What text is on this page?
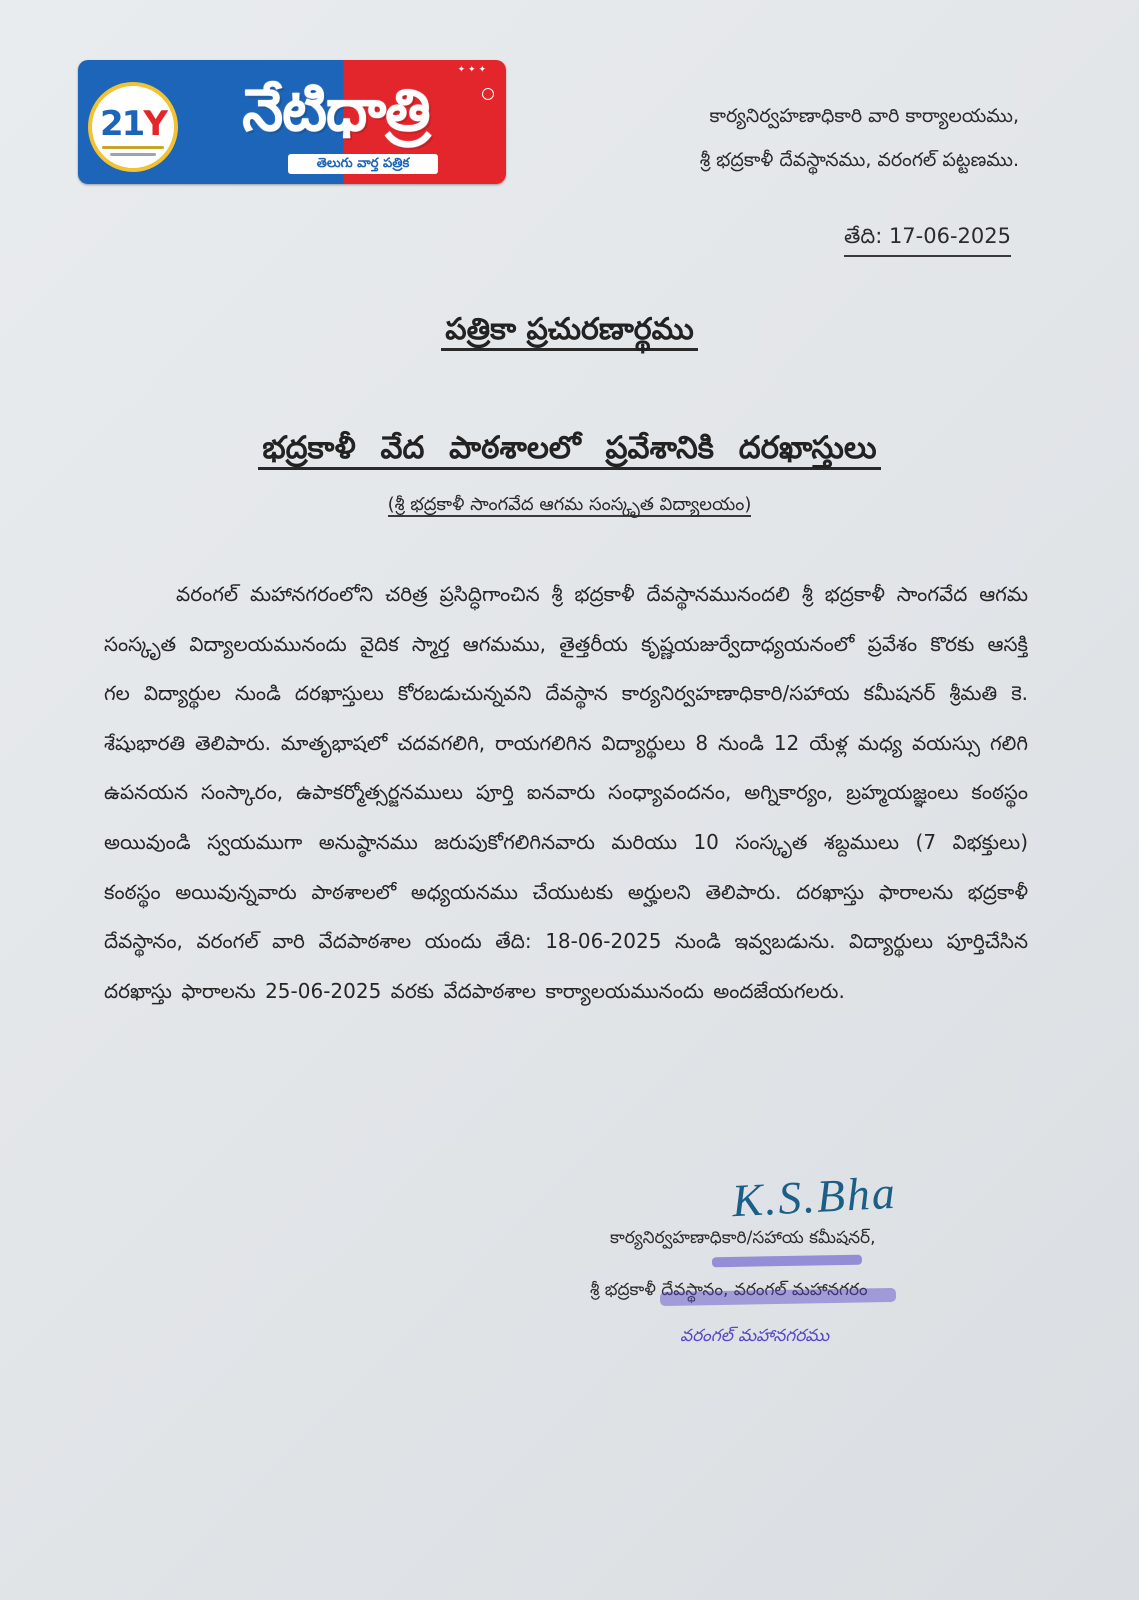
21Y
✦ ✦ ✦
నేటిధాత్రి
తెలుగు వార్త పత్రిక
కార్యనిర్వహణాధికారి వారి కార్యాలయము,
శ్రీ భద్రకాళీ దేవస్థానము, వరంగల్ పట్టణము.
తేది: 17-06-2025
పత్రికా ప్రచురణార్థము
భద్రకాళీ వేద పాఠశాలలో ప్రవేశానికి దరఖాస్తులు
(శ్రీ భద్రకాళీ సాంగవేద ఆగమ సంస్కృత విద్యాలయం)
వరంగల్ మహానగరంలోని చరిత్ర ప్రసిద్ధిగాంచిన శ్రీ భద్రకాళీ దేవస్థానమునందలి శ్రీ భద్రకాళీ సాంగవేద ఆగమ సంస్కృత విద్యాలయమునందు వైదిక స్మార్త ఆగమము, తైత్తరీయ కృష్ణయజుర్వేదాధ్యయనంలో ప్రవేశం కొరకు ఆసక్తి గల విద్యార్థుల నుండి దరఖాస్తులు కోరబడుచున్నవని దేవస్థాన కార్యనిర్వహణాధికారి/సహాయ కమీషనర్ శ్రీమతి కె. శేషుభారతి తెలిపారు. మాతృభాషలో చదవగలిగి, రాయగలిగిన విద్యార్థులు 8 నుండి 12 యేళ్ల మధ్య వయస్సు గలిగి ఉపనయన సంస్కారం, ఉపాకర్మోత్సర్జనములు పూర్తి ఐనవారు సంధ్యావందనం, అగ్నికార్యం, బ్రహ్మయజ్ఞంలు కంఠస్థం అయివుండి స్వయముగా అనుష్ఠానము జరుపుకోగలిగినవారు మరియు 10 సంస్కృత శబ్దములు (7 విభక్తులు) కంఠస్థం అయివున్నవారు పాఠశాలలో అధ్యయనము చేయుటకు అర్హులని తెలిపారు. దరఖాస్తు ఫారాలను భద్రకాళీ దేవస్థానం, వరంగల్ వారి వేదపాఠశాల యందు తేది: 18-06-2025 నుండి ఇవ్వబడును. విద్యార్థులు పూర్తిచేసిన దరఖాస్తు ఫారాలను 25-06-2025 వరకు వేదపాఠశాల కార్యాలయమునందు అందజేయగలరు.
K.S.Bha
కార్యనిర్వహణాధికారి/సహాయ కమీషనర్,
శ్రీ భద్రకాళీ దేవస్థానం, వరంగల్ మహానగరం
వరంగల్ మహానగరము
